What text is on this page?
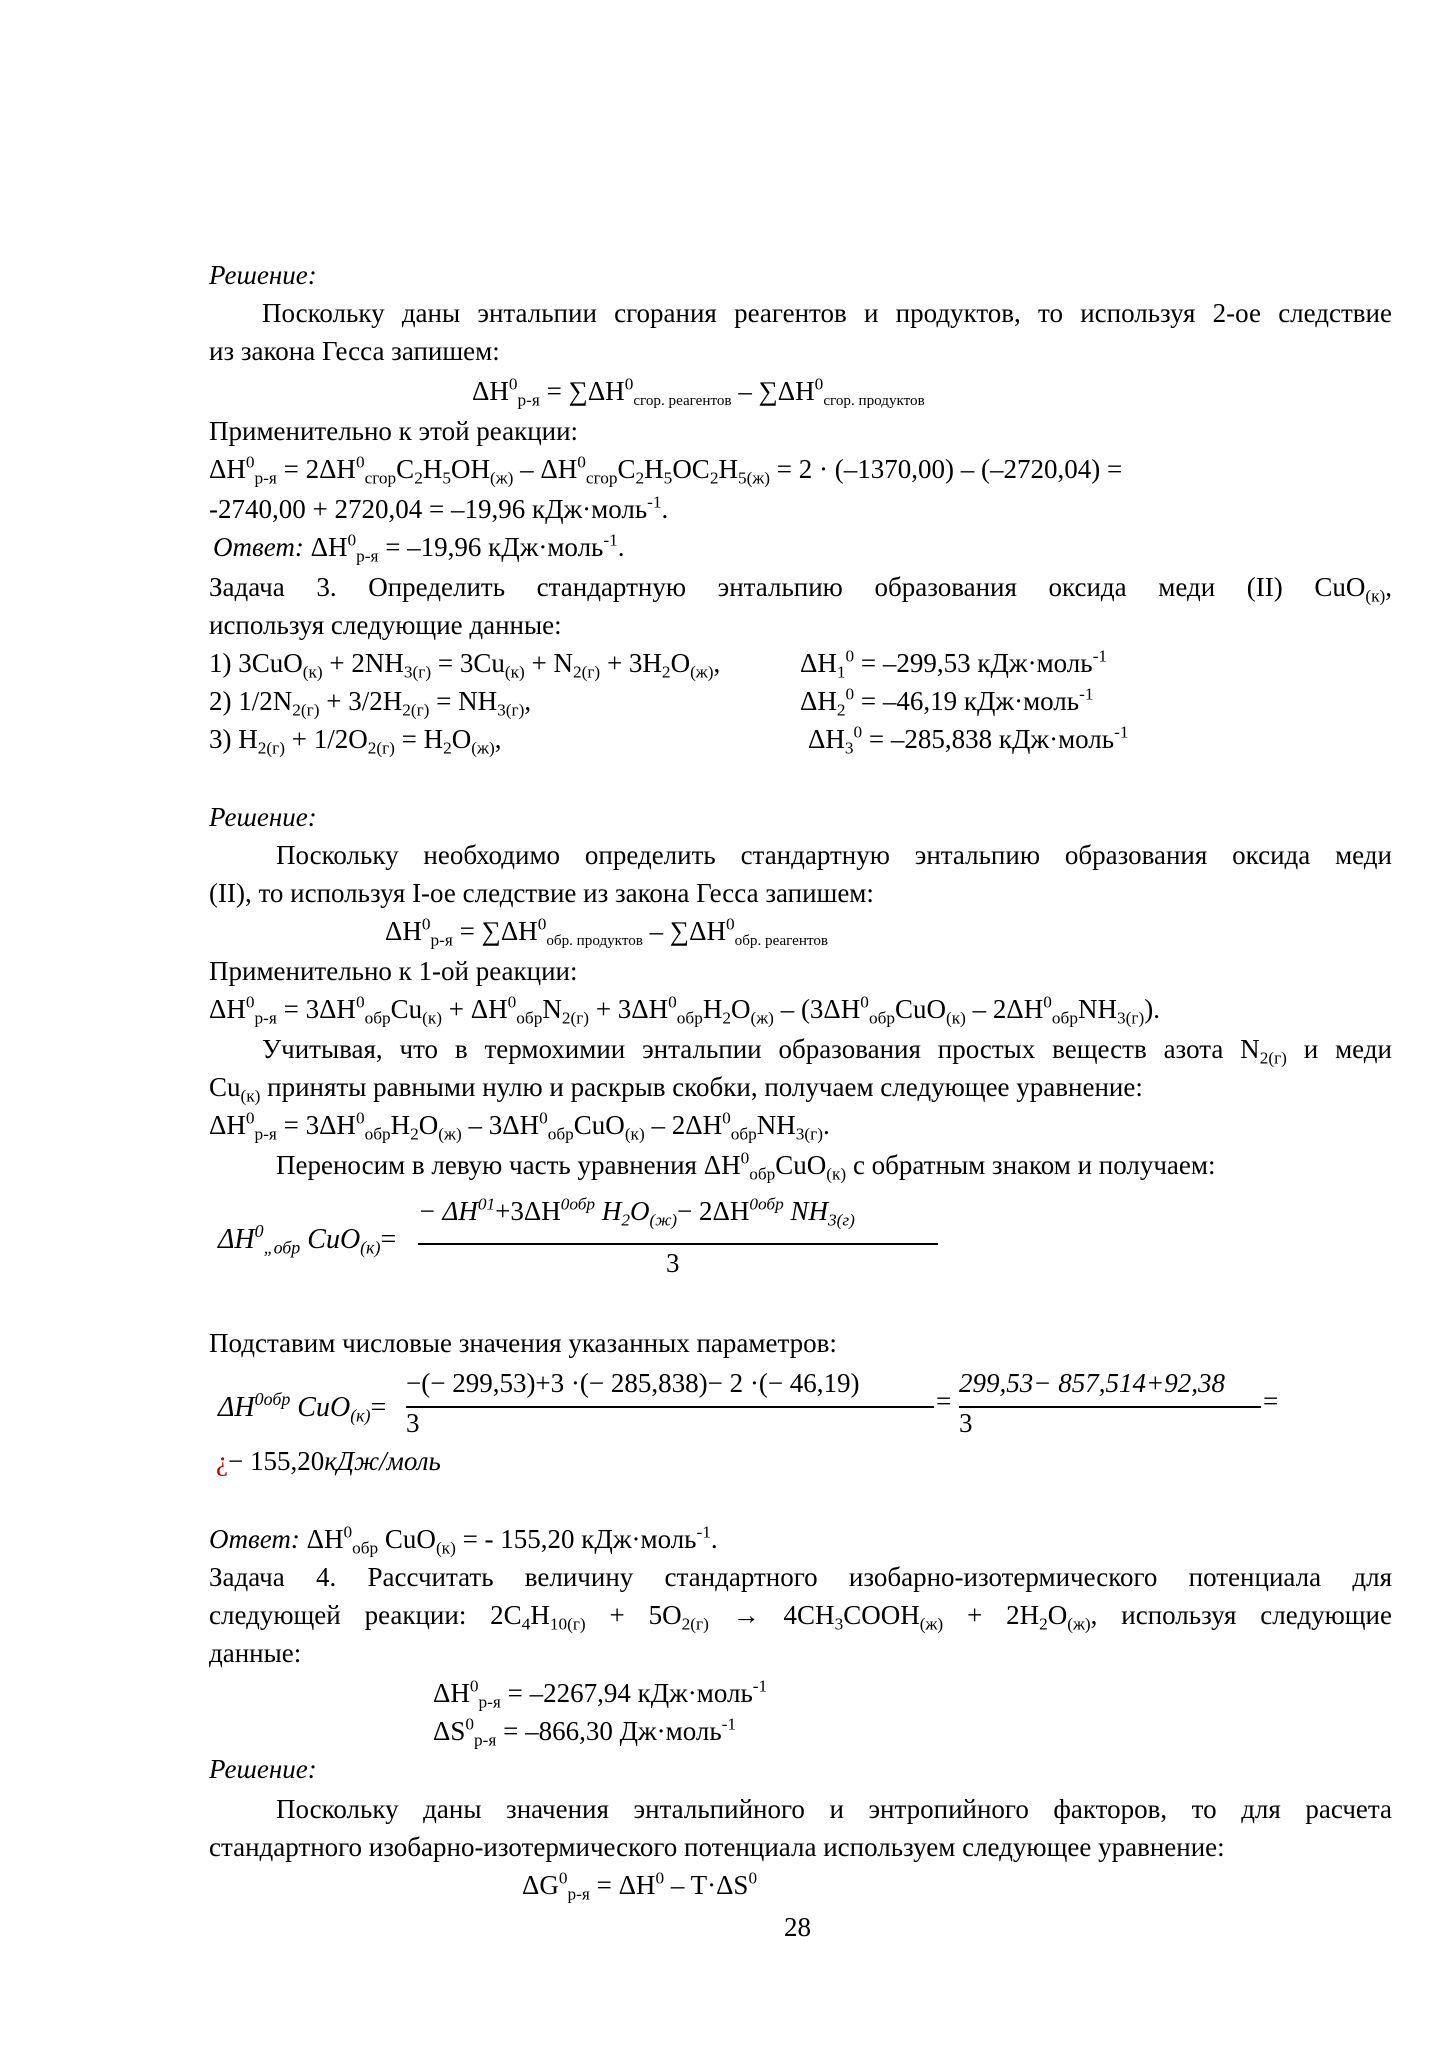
Решение:
Поскольку даны энтальпии сгорания реагентов и продуктов, то используя 2-ое следствие
из закона Гесса запишем:
$\Delta H^0_{р-я} = \sum\Delta H^0_{сгор. реагентов} - \sum\Delta H^0_{сгор. продуктов}$
Применительно к этой реакции:
$\Delta H^0_{р-я} = 2\Delta H^0_{сгор}C_2H_5OH_{(ж)} - \Delta H^0_{сгор}C_2H_5OC_2H_{5(ж)} = 2 \cdot (-1370,00) - (-2720,04)$ =
-2740,00 + 2720,04 = –19,96 кДж·моль$^{-1}$.
Ответ: $\Delta H^0_{р-я} = -19,96$ кДж·моль$^{-1}$.
Задача 3. Определить стандартную энтальпию образования оксида меди (II) CuO$_{(к)}$,
используя следующие данные:
1) $3CuO_{(к)} + 2NH_{3(г)} = 3Cu_{(к)} + N_{2(г)} + 3H_2O_{(ж)}$,	$\Delta H_1^0 = -299,53$ кДж·моль$^{-1}$
2) $1/2N_{2(г)} + 3/2H_{2(г)} = NH_{3(г)}$,	$\Delta H_2^0 = -46,19$ кДж·моль$^{-1}$
3) $H_{2(г)} + 1/2O_{2(г)} = H_2O_{(ж)}$,	$\Delta H_3^0 = -285,838$ кДж·моль$^{-1}$
Решение:
Поскольку необходимо определить стандартную энтальпию образования оксида меди
(II), то используя I-ое следствие из закона Гесса запишем:
$\Delta H^0_{р-я} = \sum\Delta H^0_{обр. продуктов} - \sum\Delta H^0_{обр. реагентов}$
Применительно к 1-ой реакции:
$\Delta H^0_{р-я} = 3\Delta H^0_{обр}Cu_{(к)} + \Delta H^0_{обр}N_{2(г)} + 3\Delta H^0_{обр}H_2O_{(ж)} - (3\Delta H^0_{обр}CuO_{(к)} - 2\Delta H^0_{обр}NH_{3(г)})$.
Учитывая, что в термохимии энтальпии образования простых веществ азота $N_{2(г)}$ и меди
$Cu_{(к)}$ приняты равными нулю и раскрыв скобки, получаем следующее уравнение:
$\Delta H^0_{р-я} = 3\Delta H^0_{обр}H_2O_{(ж)} - 3\Delta H^0_{обр}CuO_{(к)} - 2\Delta H^0_{обр}NH_{3(г)}$.
Переносим в левую часть уравнения $\Delta H^0_{обр}CuO_{(к)}$ с обратным знаком и получаем:
$\Delta H^0_{„обр}$ CuO$_{(к)}$=
− $\Delta H^{01}+3\Delta H^{0обр}$ $H_2O_{(ж)}- 2\Delta H^{0обр}$ $NH_{3(г)}$
3
Подставим числовые значения указанных параметров:
$\Delta H^{0обр}$ CuO$_{(к)}$=
−(− 299,53)+3 ·(− 285,838)− 2 ·(− 46,19)
3
=
299,53− 857,514+92,38
3
=
¿− 155,20кДж/моль
Ответ: $\Delta H^0_{обр}$ CuO$_{(к)}$ = - 155,20 кДж·моль$^{-1}$.
Задача 4. Рассчитать величину стандартного изобарно-изотермического потенциала для
следующей реакции: $2C_4H_{10(г)} + 5O_{2(г)}$ → $4CH_3COOH_{(ж)} + 2H_2O_{(ж)}$, используя следующие
данные:
$\Delta H^0_{р-я} = -2267,94$ кДж·моль$^{-1}$
$\Delta S^0_{р-я} = -866,30$ Дж·моль$^{-1}$
Решение:
Поскольку даны значения энтальпийного и энтропийного факторов, то для расчета
стандартного изобарно-изотермического потенциала используем следующее уравнение:
$\Delta G^0_{р-я} = \Delta H^0 - T\cdot\Delta S^0$
28
